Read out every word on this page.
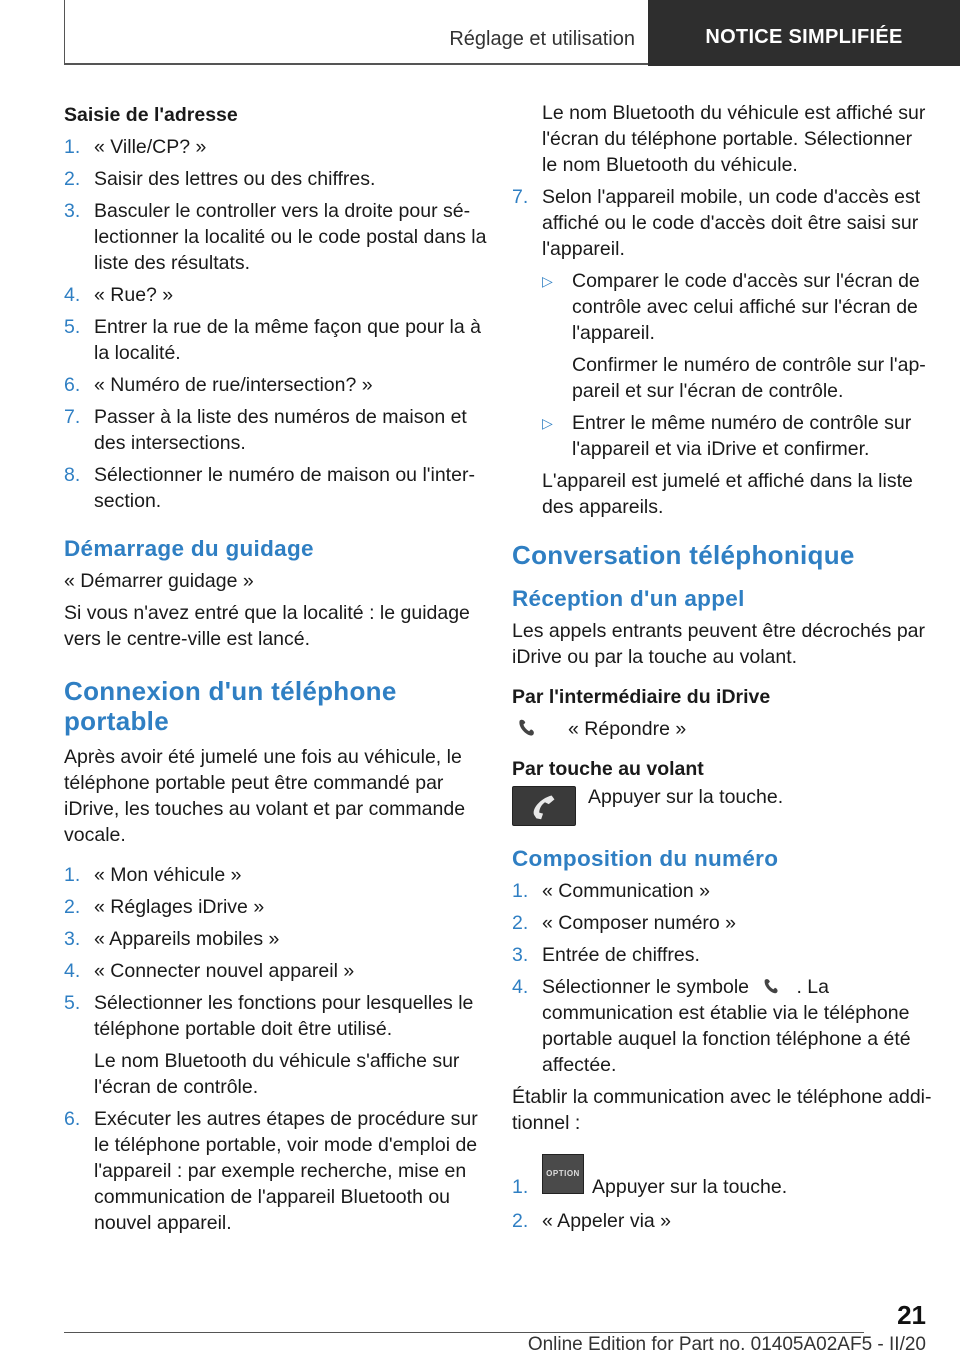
Réglage et utilisation	NOTICE SIMPLIFIÉE

Saisie de l'adresse

1. « Ville/CP? »
2. Saisir des lettres ou des chiffres.
3. Basculer le controller vers la droite pour sélectionner la localité ou le code postal dans la liste des résultats.
4. « Rue? »
5. Entrer la rue de la même façon que pour la à la localité.
6. « Numéro de rue/intersection? »
7. Passer à la liste des numéros de maison et des intersections.
8. Sélectionner le numéro de maison ou l'intersection.

Démarrage du guidage

« Démarrer guidage »

Si vous n'avez entré que la localité : le guidage vers le centre-ville est lancé.

Connexion d'un téléphone portable

Après avoir été jumelé une fois au véhicule, le téléphone portable peut être commandé par iDrive, les touches au volant et par commande vocale.

1. « Mon véhicule »
2. « Réglages iDrive »
3. « Appareils mobiles »
4. « Connecter nouvel appareil »
5. Sélectionner les fonctions pour lesquelles le téléphone portable doit être utilisé.

Le nom Bluetooth du véhicule s'affiche sur l'écran de contrôle.

6. Exécuter les autres étapes de procédure sur le téléphone portable, voir mode d'emploi de l'appareil : par exemple recherche, mise en communication de l'appareil Bluetooth ou nouvel appareil.

Le nom Bluetooth du véhicule est affiché sur l'écran du téléphone portable. Sélectionner le nom Bluetooth du véhicule.

7. Selon l'appareil mobile, un code d'accès est affiché ou le code d'accès doit être saisi sur l'appareil.
▷ Comparer le code d'accès sur l'écran de contrôle avec celui affiché sur l'écran de l'appareil.

Confirmer le numéro de contrôle sur l'appareil et sur l'écran de contrôle.

▷ Entrer le même numéro de contrôle sur l'appareil et via iDrive et confirmer.

L'appareil est jumelé et affiché dans la liste des appareils.

Conversation téléphonique

Réception d'un appel

Les appels entrants peuvent être décrochés par iDrive ou par la touche au volant.

Par l'intermédiaire du iDrive

« Répondre »

Par touche au volant

Appuyer sur la touche.

Composition du numéro

1. « Communication »
2. « Composer numéro »
3. Entrée de chiffres.
4. Sélectionner le symbole . La communication est établie via le téléphone portable auquel la fonction téléphone a été affectée.

Établir la communication avec le téléphone additionnel :

1.
OPTION
Appuyer sur la touche.
2. « Appeler via »
21
Online Edition for Part no. 01405A02AF5 - II/20
